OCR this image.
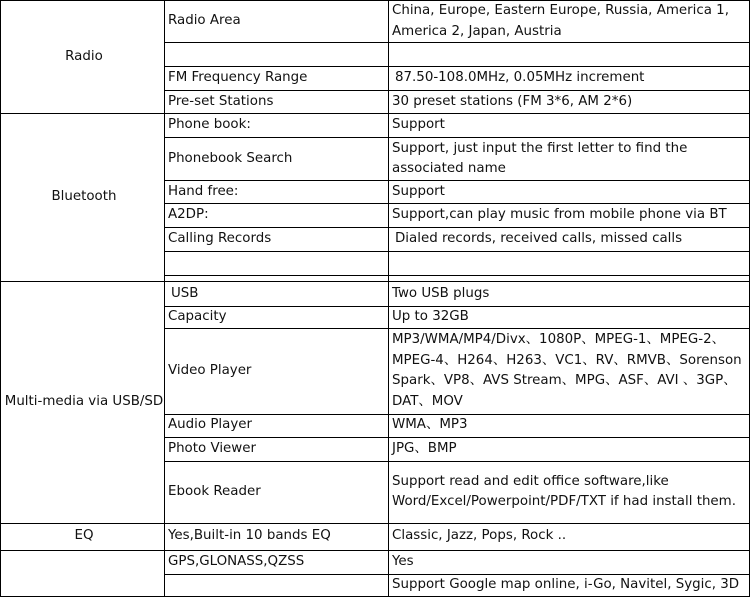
Radio	Radio Area	China, Europe, Eastern Europe, Russia, America 1, America 2, Japan, Austria

	FM Frequency Range	87.50-108.0MHz, 0.05MHz increment
	Pre-set Stations	30 preset stations (FM 3*6, AM 2*6)
Bluetooth	Phone book:	Support
	Phonebook Search	Support, just input the first letter to find the associated name
	Hand free:	Support
	A2DP:	Support,can play music from mobile phone via BT
	Calling Records	Dialed records, received calls, missed calls

Multi-media via USB/SD	USB	Two USB plugs
	Capacity	Up to 32GB
	Video Player	MP3/WMA/MP4/Divx、1080P、MPEG-1、MPEG-2、MPEG-4、H264、H263、VC1、RV、RMVB、Sorenson Spark、VP8、AVS Stream、MPG、ASF、AVI 、3GP、DAT、MOV
	Audio Player	WMA、MP3
	Photo Viewer	JPG、BMP
	Ebook Reader	Support read and edit office software,like Word/Excel/Powerpoint/PDF/TXT if had install them.
EQ	Yes,Built-in 10 bands EQ	Classic, Jazz, Pops, Rock ..
	GPS,GLONASS,QZSS	Yes
		Support Google map online, i-Go, Navitel, Sygic, 3D
